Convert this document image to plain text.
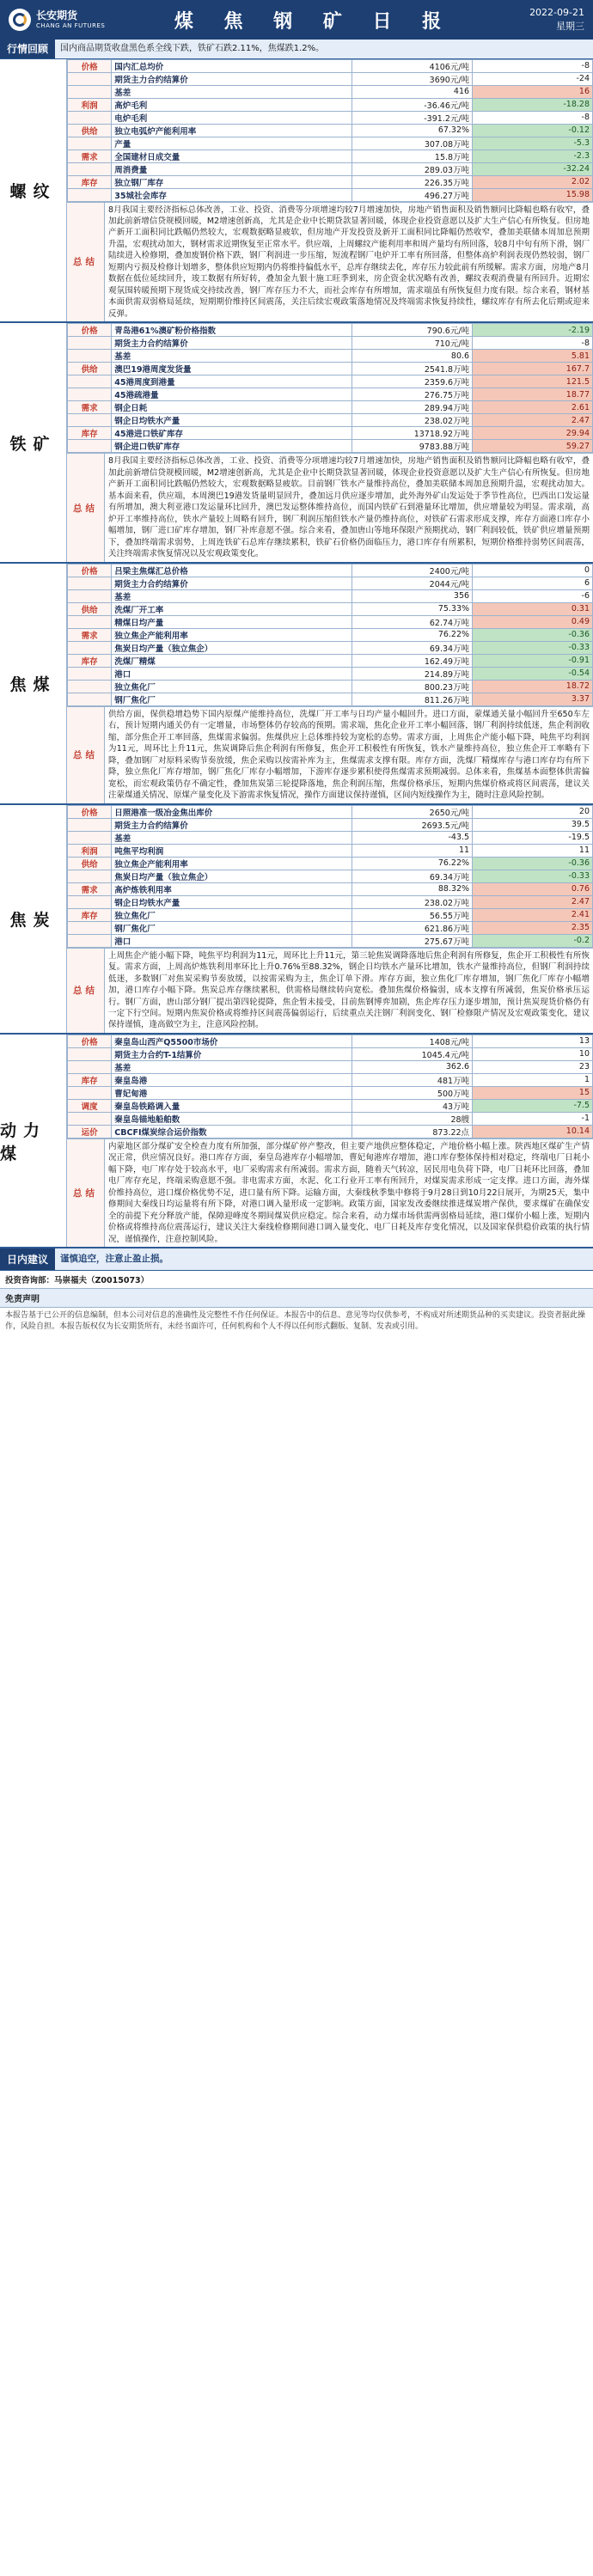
长安期货
CHANG AN FUTURES	煤 焦 钢 矿 日 报	2022-09-21
星期三
行情回顾	国内商品期货收盘黑色系全线下跌，铁矿石跌2.11%，焦煤跌1.2%。
螺纹
价格	国内汇总均价	4106元/吨	-8
	期货主力合约结算价	3690元/吨	-24
	基差	416	16
利润	高炉毛利	-36.46元/吨	-18.28
	电炉毛利	-391.2元/吨	-8
供给	独立电弧炉产能利用率	67.32%	-0.12
	产量	307.08万吨	-5.3
需求	全国建材日成交量	15.8万吨	-2.3
	周消费量	289.03万吨	-32.24
库存	独立钢厂库存	226.35万吨	2.02
	35城社会库存	496.27万吨	15.98
总结
8月我国主要经济指标总体改善，工业、投资、消费等分项增速均较7月增速加快，房地产销售面积及销售额同比降幅也略有收窄，叠加此前新增信贷规模回暖，M2增速创新高，尤其是企业中长期贷款显著回暖，体现企业投资意愿以及扩大生产信心有所恢复。但房地产新开工面积同比跌幅仍然较大，宏观数据略显疲软，但房地产开发投资及新开工面积同比降幅仍然收窄，叠加美联储本周加息预期升温，宏观扰动加大，钢材需求近期恢复至正常水平。供应端，上周螺纹产能利用率和周产量均有所回落，较8月中旬有所下滑，钢厂陆续进入检修期，叠加废钢价格下跌，钢厂利润进一步压缩，短流程钢厂电炉开工率有所回落，但整体高炉利润表现仍然较弱，钢厂短期内亏损及检修计划增多，整体供应短期内仍将维持偏低水平，总库存继续去化，库存压力较此前有所缓解。需求方面，房地产8月数据在低位延续回升，竣工数据有所好转，叠加金九银十施工旺季到来，房企资金状况略有改善，螺纹表观消费量有所回升。近期宏观氛围转暖预期下现货成交持续改善，钢厂库存压力不大，而社会库存有所增加，需求端虽有所恢复但力度有限。综合来看，钢材基本面供需双弱格局延续，短期期价维持区间震荡，关注后续宏观政策落地情况及终端需求恢复持续性，螺纹库存有所去化后期或迎来反弹。
铁矿
价格	青岛港61%澳矿粉价格指数	790.6元/吨	-2.19
	期货主力合约结算价	710元/吨	-8
	基差	80.6	5.81
供给	澳巴19港周度发货量	2541.8万吨	167.7
	45港周度到港量	2359.6万吨	121.5
	45港疏港量	276.75万吨	18.77
需求	钢企日耗	289.94万吨	2.61
	钢企日均铁水产量	238.02万吨	2.47
库存	45港进口铁矿库存	13718.92万吨	29.94
	钢企进口铁矿库存	9783.88万吨	59.27
总结
8月我国主要经济指标总体改善，工业、投资、消费等分项增速均较7月增速加快，房地产销售面积及销售额同比降幅也略有收窄，叠加此前新增信贷规模回暖，M2增速创新高，尤其是企业中长期贷款显著回暖，体现企业投资意愿以及扩大生产信心有所恢复。但房地产新开工面积同比跌幅仍然较大，宏观数据略显疲软。目前钢厂铁水产量维持高位，叠加美联储本周加息预期升温，宏观扰动加大。基本面来看，供应端，本周澳巴19港发货量明显回升，叠加远月供应逐步增加，此外海外矿山发运处于季节性高位，巴西出口发运量有所增加，澳大利亚港口发运量环比回升，澳巴发运整体维持高位，而国内铁矿石到港量环比增加，供应增量较为明显。需求端，高炉开工率维持高位，铁水产量较上周略有回升，钢厂利润压缩但铁水产量仍维持高位，对铁矿石需求形成支撑，库存方面港口库存小幅增加，钢厂进口矿库存增加，钢厂补库意愿不强。综合来看，叠加唐山等地环保限产预期扰动，钢厂利润较低，铁矿供应增量预期下，叠加终端需求弱势，上周连铁矿石总库存继续累积，铁矿石价格仍面临压力，港口库存有所累积，短期价格维持弱势区间震荡，关注终端需求恢复情况以及宏观政策变化。
焦煤
价格	吕梁主焦煤汇总价格	2400元/吨	0
	期货主力合约结算价	2044元/吨	6
	基差	356	-6
供给	洗煤厂开工率	75.33%	0.31
	精煤日均产量	62.74万吨	0.49
需求	独立焦企产能利用率	76.22%	-0.36
	焦炭日均产量（独立焦企）	69.34万吨	-0.33
库存	洗煤厂精煤	162.49万吨	-0.91
	港口	214.89万吨	-0.54
	独立焦化厂	800.23万吨	18.72
	钢厂焦化厂	811.26万吨	3.37
总结
供给方面，保供稳增趋势下国内原煤产能维持高位，洗煤厂开工率与日均产量小幅回升。进口方面，蒙煤通关量小幅回升至650车左右，预计短期内通关仍有一定增量，市场整体仍存较高的预期。需求端，焦化企业开工率小幅回落，钢厂利润持续低迷，焦企利润收缩，部分焦企开工率回落，焦煤需求偏弱。焦煤供应上总体维持较为宽松的态势。需求方面，上周焦企产能小幅下降，吨焦平均利润为11元，周环比上升11元，焦炭调降后焦企利润有所修复，焦企开工积极性有所恢复，铁水产量维持高位，独立焦企开工率略有下降，叠加钢厂对原料采购节奏放缓，焦企采购以按需补库为主，焦煤需求支撑有限。库存方面，洗煤厂精煤库存与港口库存均有所下降，独立焦化厂库存增加，钢厂焦化厂库存小幅增加，下游库存逐步累积使得焦煤需求预期减弱。总体来看，焦煤基本面整体供需偏宽松，而宏观政策仍存不确定性，叠加焦炭第三轮提降落地，焦企利润压缩，焦煤价格承压，短期内焦煤价格或将区间震荡，建议关注蒙煤通关情况、原煤产量变化及下游需求恢复情况，操作方面建议保持谨慎，区间内短线操作为主，随时注意风险控制。
焦炭
价格	日照港准一级冶金焦出库价	2650元/吨	20
	期货主力合约结算价	2693.5元/吨	39.5
	基差	-43.5	-19.5
利润	吨焦平均利润	11	11
供给	独立焦企产能利用率	76.22%	-0.36
	焦炭日均产量（独立焦企）	69.34万吨	-0.33
需求	高炉炼铁利用率	88.32%	0.76
	钢企日均铁水产量	238.02万吨	2.47
库存	独立焦化厂	56.55万吨	2.41
	钢厂焦化厂	621.86万吨	2.35
	港口	275.67万吨	-0.2
总结
上周焦企产能小幅下降，吨焦平均利润为11元，周环比上升11元，第三轮焦炭调降落地后焦企利润有所修复，焦企开工积极性有所恢复。需求方面，上周高炉炼铁利用率环比上升0.76%至88.32%，钢企日均铁水产量环比增加，铁水产量维持高位，但钢厂利润持续低迷，多数钢厂对焦炭采购节奏放缓，以按需采购为主，焦企订单下滑。库存方面，独立焦化厂库存增加，钢厂焦化厂库存小幅增加，港口库存小幅下降。焦炭总库存继续累积，供需格局继续转向宽松。叠加焦煤价格偏弱，成本支撑有所减弱，焦炭价格承压运行。钢厂方面，唐山部分钢厂提出第四轮提降，焦企暂未接受，目前焦钢博弈加剧，焦企库存压力逐步增加，预计焦炭现货价格仍有一定下行空间。短期内焦炭价格或将维持区间震荡偏弱运行，后续重点关注钢厂利润变化、钢厂检修限产情况及宏观政策变化，建议保持谨慎，逢高做空为主，注意风险控制。
动力煤
价格	秦皇岛山西产Q5500市场价	1408元/吨	13
	期货主力合约T-1结算价	1045.4元/吨	10
	基差	362.6	23
库存	秦皇岛港	481万吨	1
	曹妃甸港	500万吨	15
调度	秦皇岛铁路调入量	43万吨	-7.5
	秦皇岛锚地船舶数	28艘	-1
运价	CBCFI煤炭综合运价指数	873.22点	10.14
总结
内蒙地区部分煤矿安全检查力度有所加强，部分煤矿停产整改，但主要产地供应整体稳定，产地价格小幅上涨。陕西地区煤矿生产情况正常，供应情况良好。港口库存方面，秦皇岛港库存小幅增加，曹妃甸港库存增加，港口库存整体保持相对稳定，终端电厂日耗小幅下降，电厂库存处于较高水平，电厂采购需求有所减弱。需求方面，随着天气转凉，居民用电负荷下降，电厂日耗环比回落，叠加电厂库存充足，终端采购意愿不强。非电需求方面，水泥、化工行业开工率有所回升，对煤炭需求形成一定支撑。进口方面，海外煤价维持高位，进口煤价格优势不足，进口量有所下降。运输方面，大秦线秋季集中修将于9月28日到10月22日展开，为期25天，集中修期间大秦线日均运量将有所下降，对港口调入量形成一定影响。政策方面，国家发改委继续推进煤炭增产保供，要求煤矿在确保安全的前提下充分释放产能，保障迎峰度冬期间煤炭供应稳定。综合来看，动力煤市场供需两弱格局延续，港口煤价小幅上涨，短期内价格或将维持高位震荡运行，建议关注大秦线检修期间港口调入量变化、电厂日耗及库存变化情况，以及国家保供稳价政策的执行情况，谨慎操作，注意控制风险。
日内建议	谨慎追空，注意止盈止损。
投资咨询部：马崇福夫（Z0015073）
免责声明
本报告基于已公开的信息编制，但本公司对信息的准确性及完整性不作任何保证。本报告中的信息、意见等均仅供参考，不构成对所述期货品种的买卖建议。投资者据此操作，风险自担。本报告版权仅为长安期货所有，未经书面许可，任何机构和个人不得以任何形式翻版、复制、发表或引用。
